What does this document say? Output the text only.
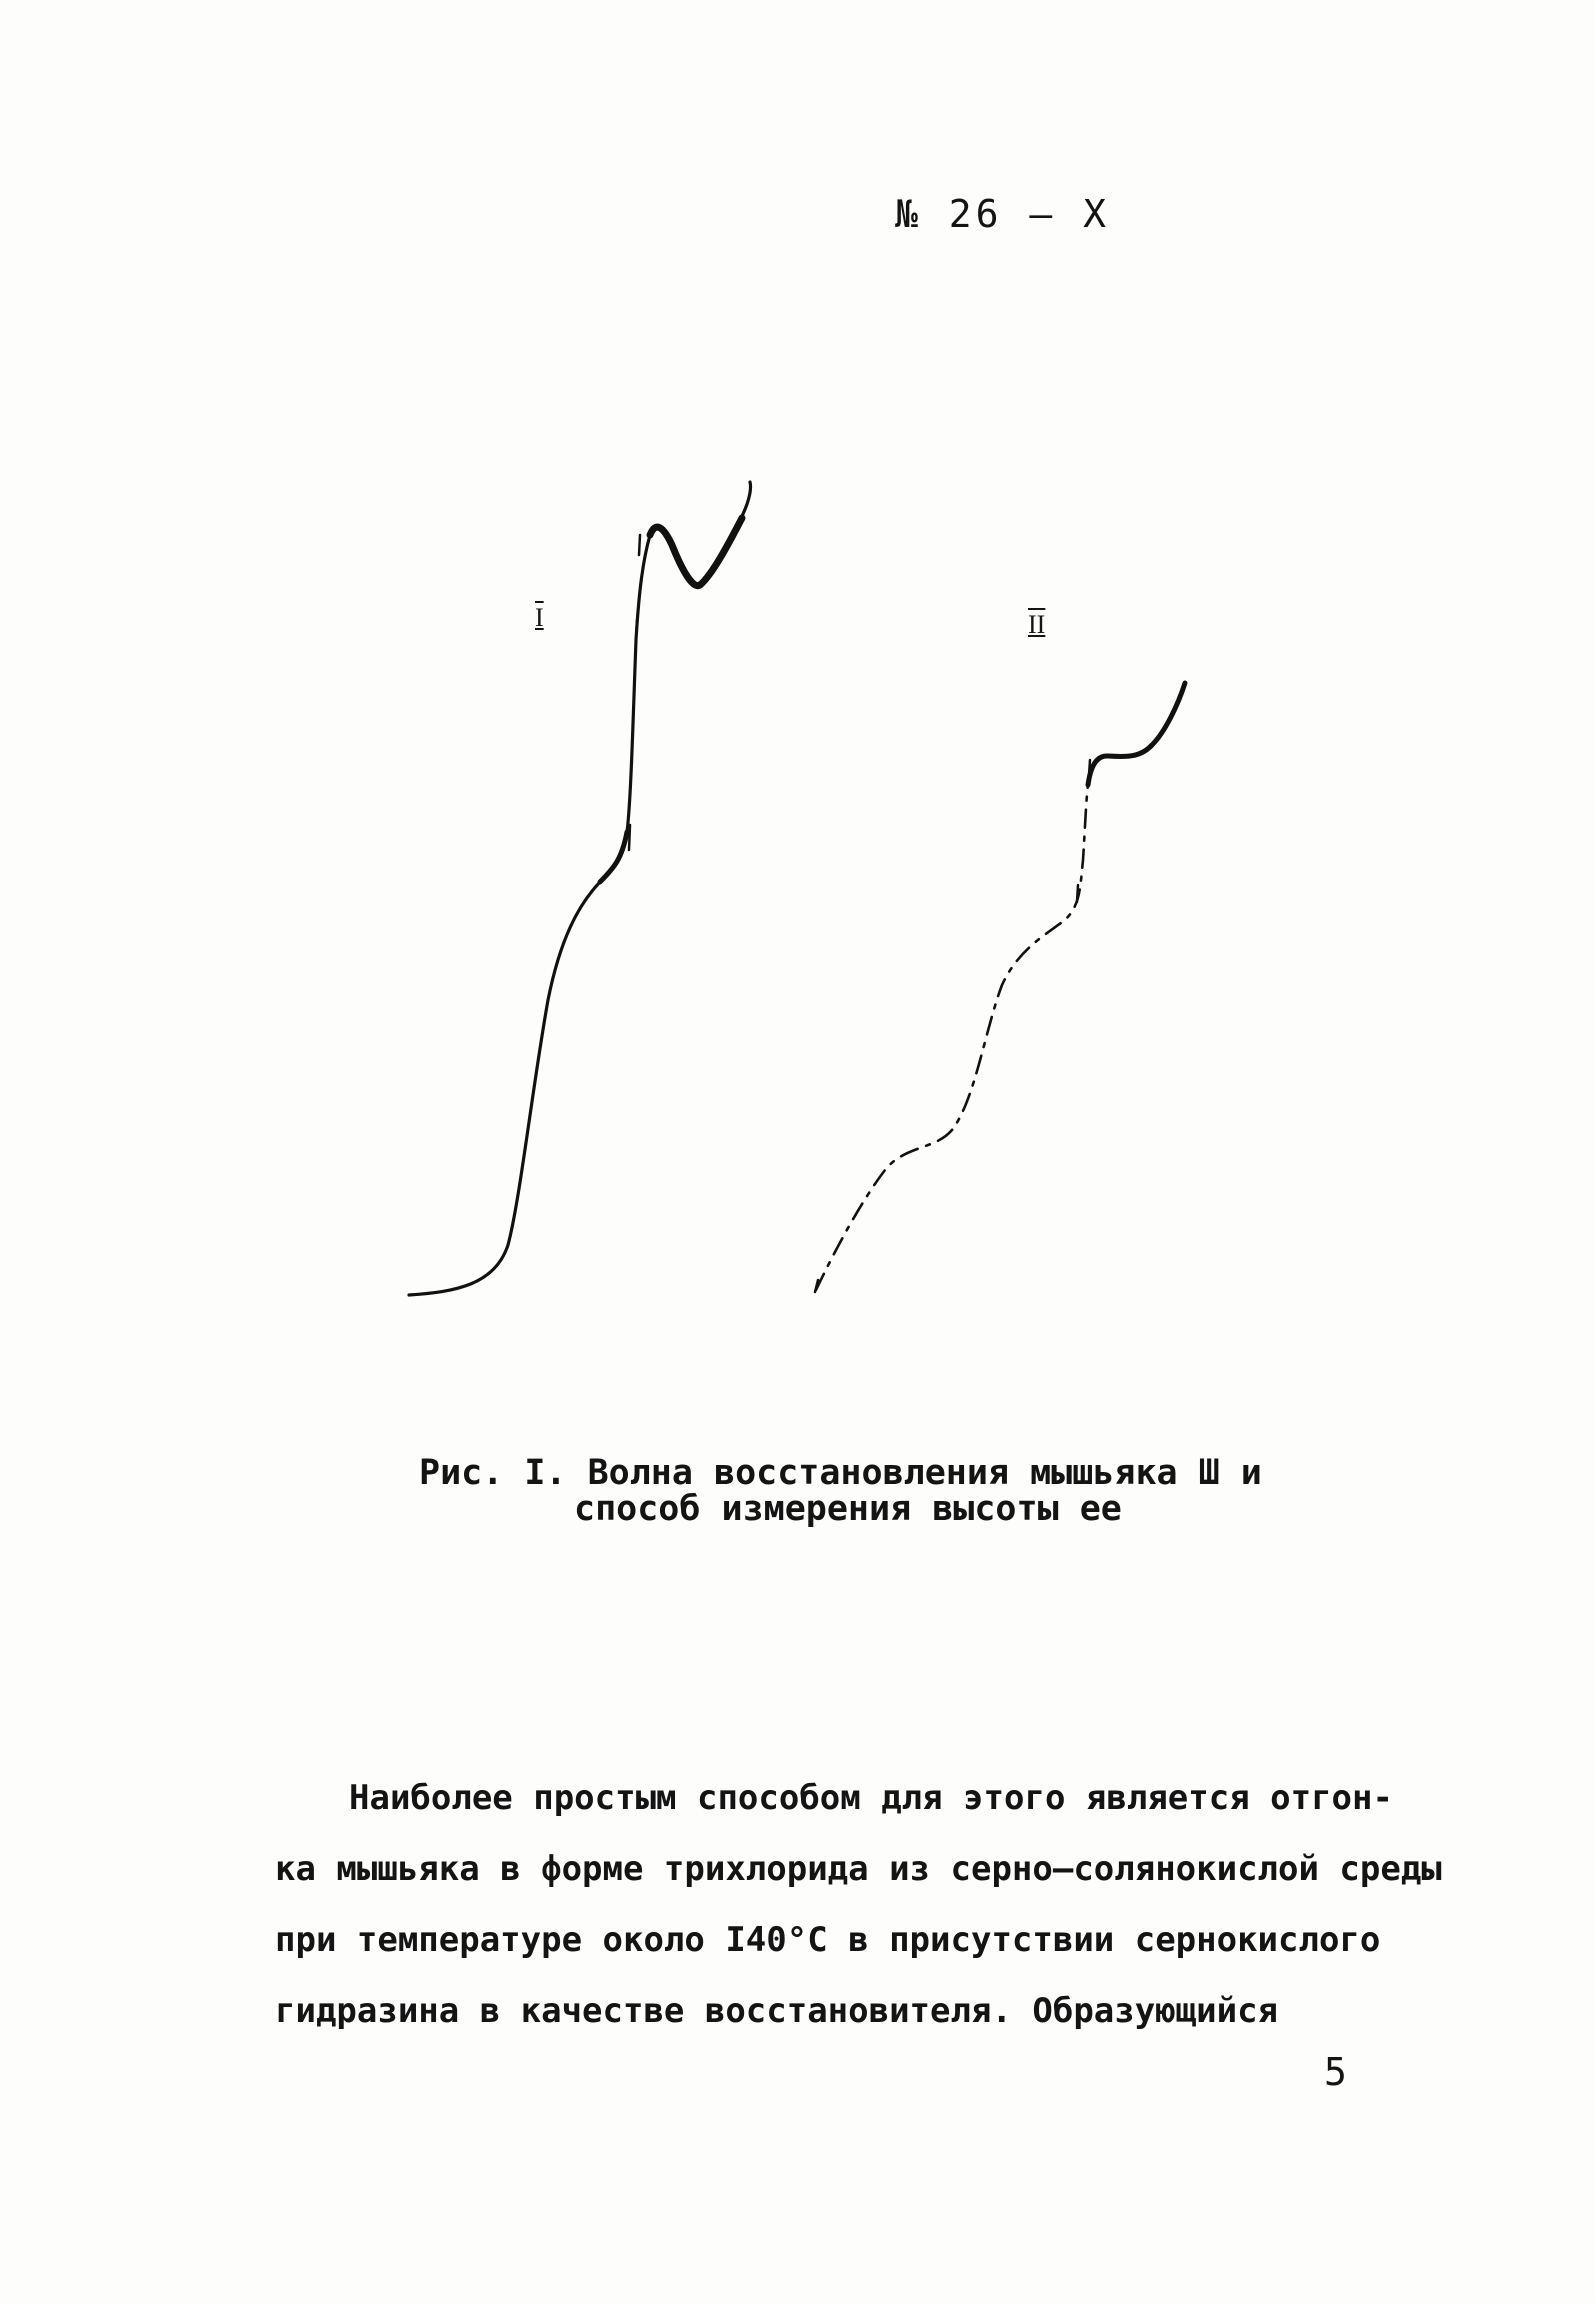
№ 26 – X
I	II
Рис. I. Волна восстановления мышьяка Ш и
способ измерения высоты ее
Наиболее простым способом для этого является отгон-
ка мышьяка в форме трихлорида из серно–солянокислой среды
при температуре около I40°С в присутствии сернокислого
гидразина в качестве восстановителя. Образующийся
5
